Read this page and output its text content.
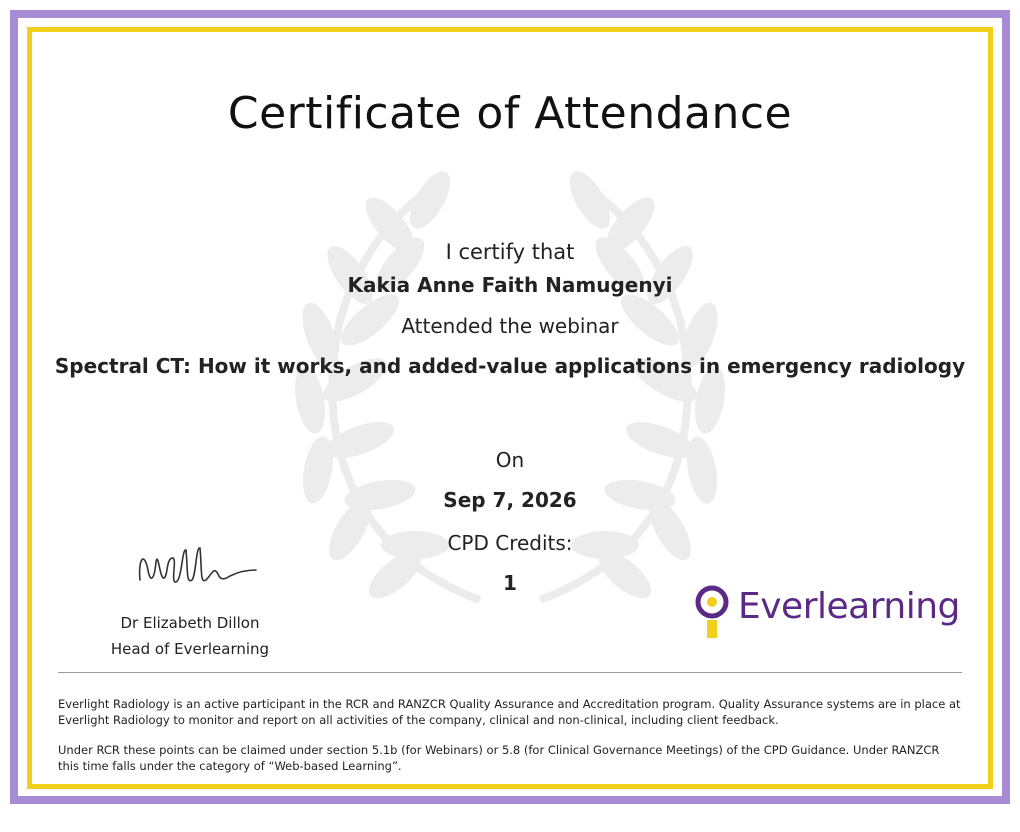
Certificate of Attendance
I certify that
Kakia Anne Faith Namugenyi
Attended the webinar
Spectral CT: How it works, and added-value applications in emergency radiology
On
Sep 7, 2026
CPD Credits:
1
Dr Elizabeth Dillon
Head of Everlearning
Everlearning
Everlight Radiology is an active participant in the RCR and RANZCR Quality Assurance and Accreditation program. Quality Assurance systems are in place at Everlight Radiology to monitor and report on all activities of the company, clinical and non-clinical, including client feedback.
Under RCR these points can be claimed under section 5.1b (for Webinars) or 5.8 (for Clinical Governance Meetings) of the CPD Guidance. Under RANZCR this time falls under the category of “Web-based Learning”.
